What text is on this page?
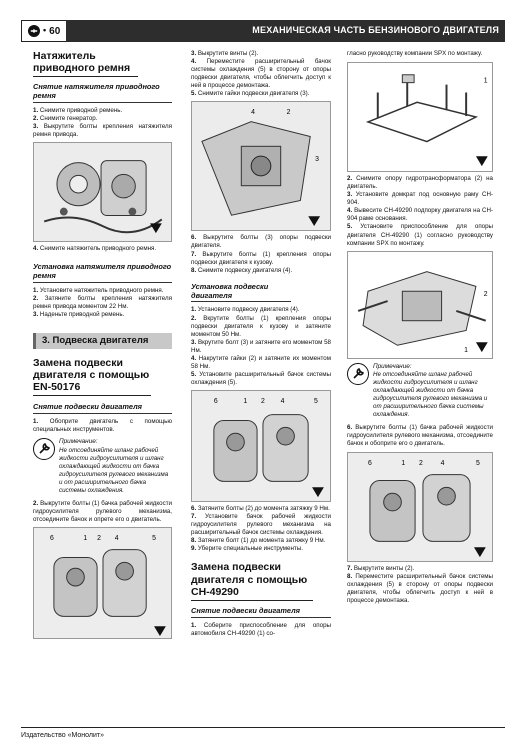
• 60	МЕХАНИЧЕСКАЯ ЧАСТЬ БЕНЗИНОВОГО ДВИГАТЕЛЯ
Натяжитель приводного ремня
Снятие натяжителя приводного ремня
1. Снимите приводной ремень.
2. Снимите генератор.
3. Выкрутите болты крепления натяжителя ремня привода.
4. Снимите натяжитель приводного ремня.
Установка натяжителя приводного ремня
1. Установите натяжитель приводного ремня.
2. Затяните болты крепления натяжителя ремня привода моментом 22 Нм.
3. Наденьте приводной ремень.
3. Подвеска двигателя
Замена подвески двигателя с помощью EN-50176
Снятие подвески двигателя
1. Обоприте двигатель с помощью специальных инструментов.
Примечание:
Не отсоединяйте шланг рабочей жидкости гидроусилителя и шланг охлаждающей жидкости от бачка гидроусилителя рулевого механизма и от расширительного бачка системы охлаждения.
2. Выкрутите болты (1) бачка рабочей жидкости гидроусилителя рулевого механизма, отсоедините бачок и опрете его о двигатель.
6	1 2 4	5
3. Выкрутите винты (2).
4. Переместите расширительный бачок системы охлаждения (5) в сторону от опоры подвески двигателя, чтобы облегчить доступ к ней в процессе демонтажа.
5. Снимите гайки подвески двигателя (3).
4	2
3
6. Выкрутите болты (3) опоры подвески двигателя.
7. Выкрутите болты (1) крепления опоры подвески двигателя к кузову.
8. Снимите подвеску двигателя (4).
Установка подвески двигателя
1. Установите подвеску двигателя (4).
2. Вкрутите болты (1) крепления опоры подвески двигателя к кузову и затяните моментом 50 Нм.
3. Вкрутите болт (3) и затяните его моментом 58 Нм.
4. Накрутите гайки (2) и затяните их моментом 58 Нм.
5. Установите расширительный бачок системы охлаждения (5).
6	1 2 4	5
6. Затяните болты (2) до момента затяжку 9 Нм.
7. Установите бачок рабочей жидкости гидроусилителя рулевого механизма на расширительный бачок системы охлаждения.
8. Затяните болт (1) до момента затяжку 9 Нм.
9. Уберите специальные инструменты.
Замена подвески двигателя с помощью CH-49290
Снятие подвески двигателя
1. Соберите приспособление для опоры автомобиля CH-49290 (1) со-
гласно руководству компании SPX по монтажу.
1
2. Снимите опору гидротрансформатора (2) на двигатель.
3. Установите домкрат под основную раму CH-904.
4. Вывесите CH-49290 подпорку двигателя на CH-904 раме основания.
5. Установите приспособление для опоры двигателя CH-49290 (1) согласно руководству компании SPX по монтажу.
2
1
Примечание:
Не отсоединяйте шланг рабочей жидкости гидроусилителя и шланг охлаждающей жидкости от бачка гидроусилителя рулевого механизма и от расширительного бачка системы охлаждения.
6. Выкрутите болты (1) бачка рабочей жидкости гидроусилителя рулевого механизма, отсоедините бачок и обоприте его о двигатель.
6	1 2	4	5
7. Выкрутите винты (2).
8. Переместите расширительный бачок системы охлаждения (5) в сторону от опоры подвески двигателя, чтобы облегчить доступ к ней в процессе демонтажа.
Издательство «Монолит»
